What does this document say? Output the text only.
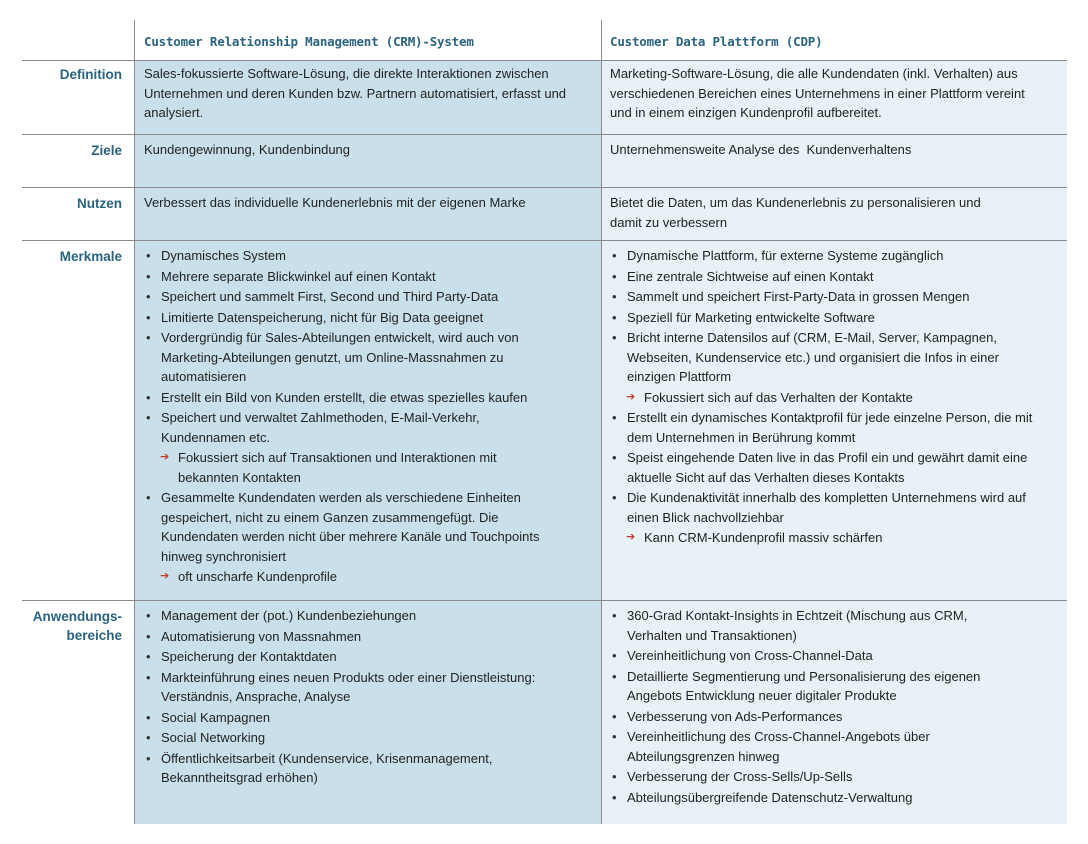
Customer Relationship Management (CRM)-System	Customer Data Plattform (CDP)
Definition Sales-fokussierte Software-Lösung, die direkte Interaktionen zwischen Unternehmen und deren Kunden bzw. Partnern automatisiert, erfasst und analysiert.
Marketing-Software-Lösung, die alle Kundendaten (inkl. Verhalten) aus verschiedenen Bereichen eines Unternehmens in einer Plattform vereint und in einem einzigen Kundenprofil aufbereitet.
Ziele Kundengewinnung, Kundenbindung	Unternehmensweite Analyse des  Kundenverhaltens
Nutzen Verbessert das individuelle Kundenerlebnis mit der eigenen Marke	Bietet die Daten, um das Kundenerlebnis zu personalisieren und damit zu verbessern
Merkmale
•	Dynamisches System
• Mehrere separate Blickwinkel auf einen Kontakt
• Speichert und sammelt First, Second und Third Party-Data
• Limitierte Datenspeicherung, nicht für Big Data geeignet
• Vordergründig für Sales-Abteilungen entwickelt, wird auch von Marketing-Abteilungen genutzt, um Online-Massnahmen zu automatisieren
• Erstellt ein Bild von Kunden erstellt, die etwas spezielles kaufen
• Speichert und verwaltet Zahlmethoden, E-Mail-Verkehr, Kundennamen etc.
➔ Fokussiert sich auf Transaktionen und Interaktionen mit bekannten Kontakten
• Gesammelte Kundendaten werden als verschiedene Einheiten gespeichert, nicht zu einem Ganzen zusammengefügt. Die Kundendaten werden nicht über mehrere Kanäle und Touchpoints hinweg synchronisiert
➔ oft unscharfe Kundenprofile
• Dynamische Plattform, für externe Systeme zugänglich
• Eine zentrale Sichtweise auf einen Kontakt
• Sammelt und speichert First-Party-Data in grossen Mengen
• Speziell für Marketing entwickelte Software
• Bricht interne Datensilos auf (CRM, E-Mail, Server, Kampagnen, Webseiten, Kundenservice etc.) und organisiert die Infos in einer einzigen Plattform
➔ Fokussiert sich auf das Verhalten der Kontakte
• Erstellt ein dynamisches Kontaktprofil für jede einzelne Person, die mit dem Unternehmen in Berührung kommt
• Speist eingehende Daten live in das Profil ein und gewährt damit eine aktuelle Sicht auf das Verhalten dieses Kontakts
• Die Kundenaktivität innerhalb des kompletten Unternehmens wird auf einen Blick nachvollziehbar
➔ Kann CRM-Kundenprofil massiv schärfen
Anwendungs-
bereiche
• Management der (pot.) Kundenbeziehungen
• Automatisierung von Massnahmen
• Speicherung der Kontaktdaten
• Markteinführung eines neuen Produkts oder einer Dienstleistung: Verständnis, Ansprache, Analyse
• Social Kampagnen
• Social Networking
• Öffentlichkeitsarbeit (Kundenservice, Krisenmanagement, Bekanntheitsgrad erhöhen)
• 360-Grad Kontakt-Insights in Echtzeit (Mischung aus CRM, Verhalten und Transaktionen)
• Vereinheitlichung von Cross-Channel-Data
• Detaillierte Segmentierung und Personalisierung des eigenen Angebots Entwicklung neuer digitaler Produkte
• Verbesserung von Ads-Performances
• Vereinheitlichung des Cross-Channel-Angebots über Abteilungsgrenzen hinweg
• Verbesserung der Cross-Sells/Up-Sells
• Abteilungsübergreifende Datenschutz-Verwaltung
